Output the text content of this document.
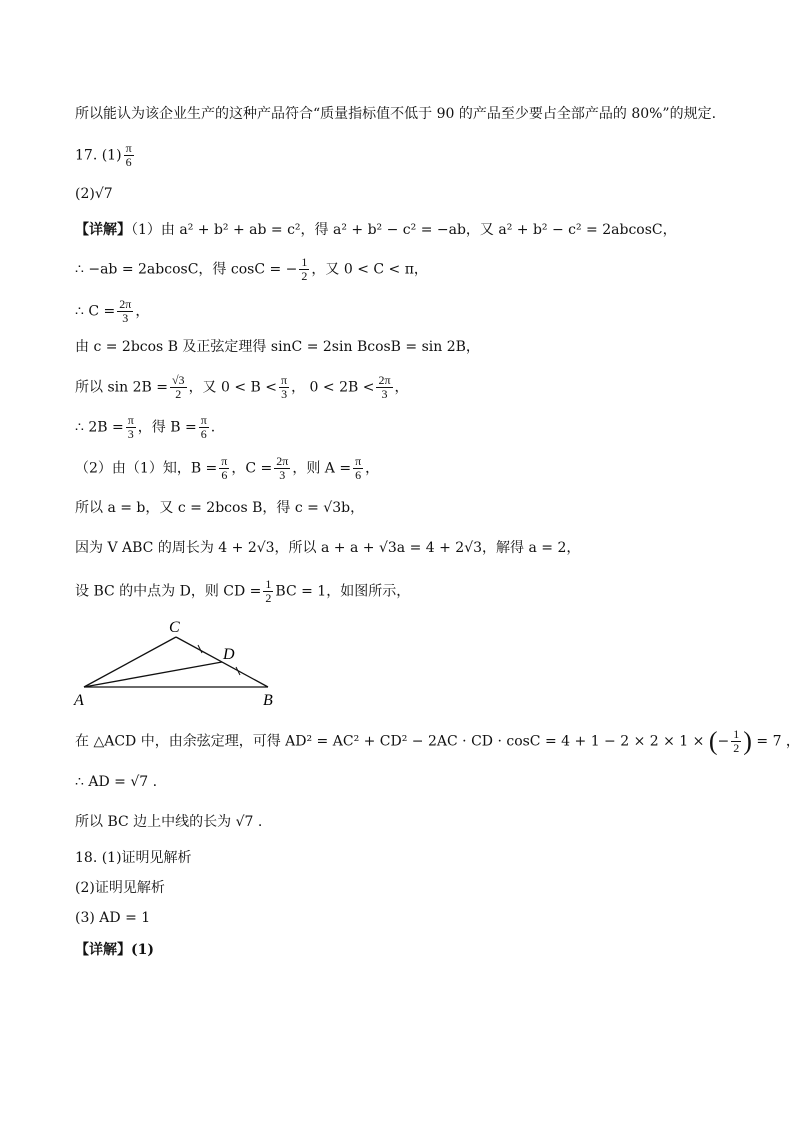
所以能认为该企业生产的这种产品符合“质量指标值不低于 90 的产品至少要占全部产品的 80%”的规定.
17. $(1) \frac{\pi}{6}$
(2)√7
【详解】（1）由 a² + b² + ab = c²，得 a² + b² − c² = −ab，又 a² + b² − c² = 2abcosC，
∴ −ab = 2abcosC，得 cosC = − $\frac{1}{2}$ ，又 0 < C < π，
∴ $C = \frac{2\pi}{3}$ ，
由 c = 2bcos B 及正弦定理得 sinC = 2sin BcosB = sin 2B，
所以 $\sin 2B = \frac{√3}{2}$ ，又 $0 < B < \frac{\pi}{3}$ ， $0 < 2B < \frac{2\pi}{3}$ ，
∴ $2B = \frac{\pi}{3}$ ，得 $B = \frac{\pi}{6}$ .
（2）由（1）知，$B = \frac{\pi}{6}$ ，$C = \frac{2\pi}{3}$ ，则 $A = \frac{\pi}{6}$ ，
所以 a = b，又 c = 2bcos B，得 c = √3b，
因为 V ABC 的周长为 4 + 2√3，所以 a + a + √3a = 4 + 2√3，解得 a = 2，
设 BC 的中点为 D，则 CD = $\frac{1}{2}$ BC = 1，如图所示，
A	B
C
D
在 △ACD 中，由余弦定理，可得 AD² = AC² + CD² − 2AC · CD · cosC = 4 + 1 − 2 × 2 × 1 × (− $\frac{1}{2}$ ) = 7 ，
∴ AD = √7 .
所以 BC 边上中线的长为 √7 .
18. (1)证明见解析
(2)证明见解析
(3) AD = 1
【详解】(1)
